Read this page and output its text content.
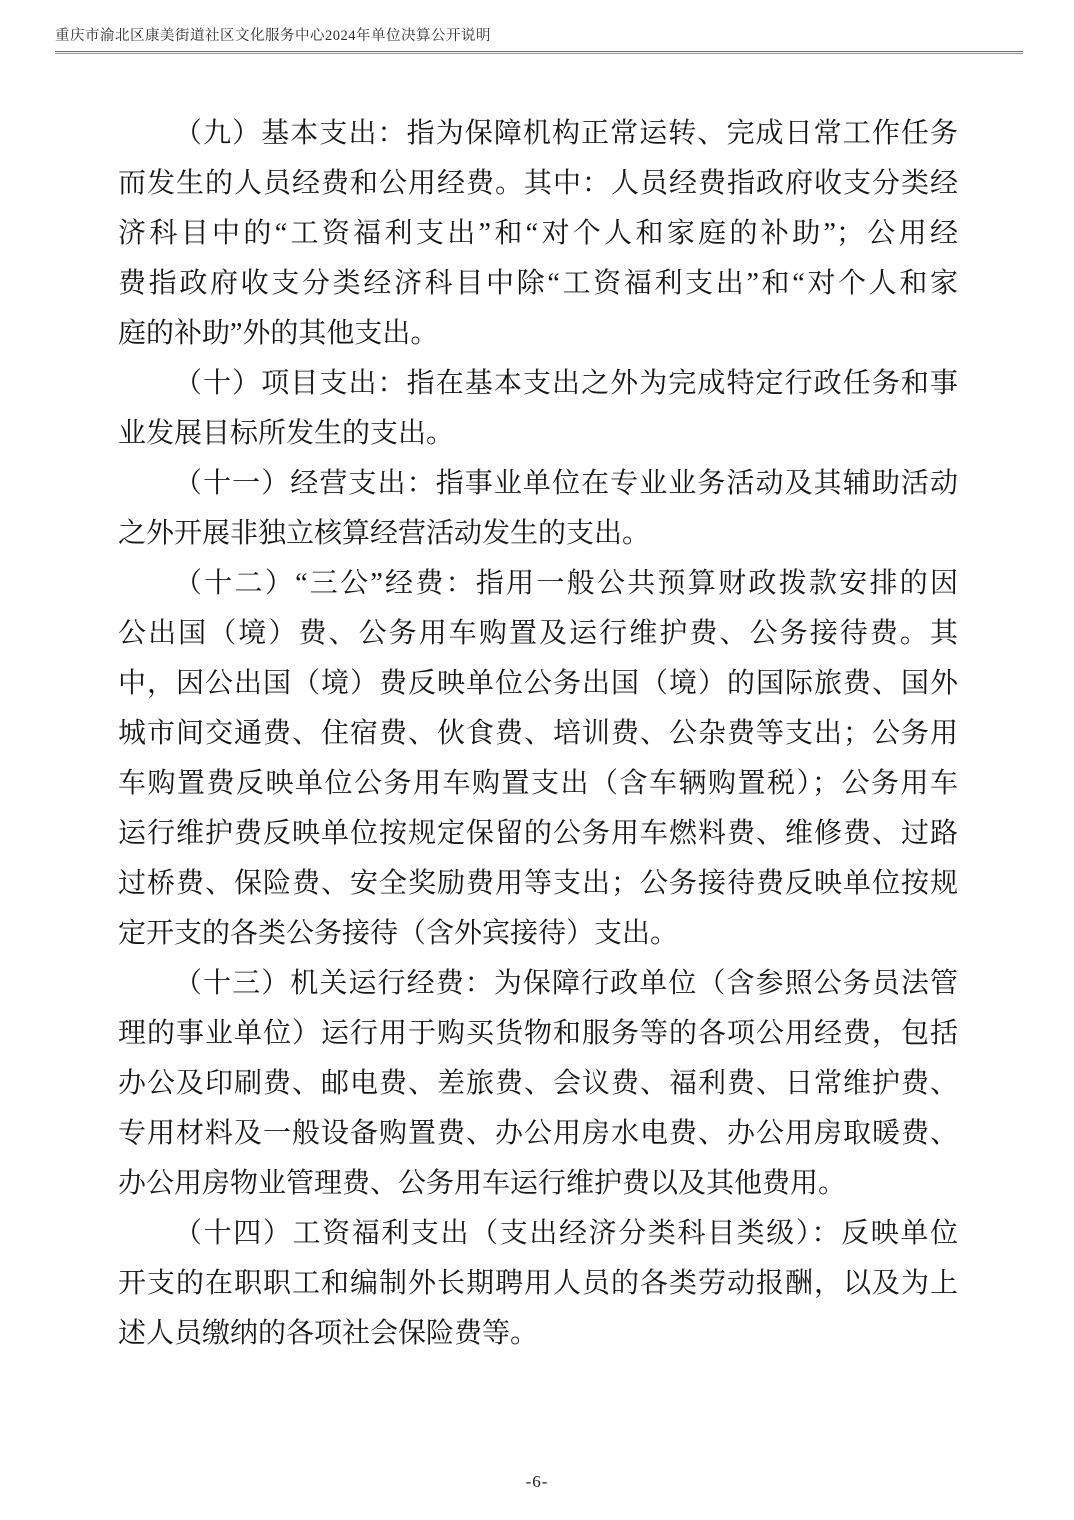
重庆市渝北区康美街道社区文化服务中心2024年单位决算公开说明
（九）基本支出：指为保障机构正常运转、完成日常工作任务
而发生的人员经费和公用经费。其中：人员经费指政府收支分类经
济科目中的“工资福利支出”和“对个人和家庭的补助”；公用经
费指政府收支分类经济科目中除“工资福利支出”和“对个人和家
庭的补助”外的其他支出。
（十）项目支出：指在基本支出之外为完成特定行政任务和事
业发展目标所发生的支出。
（十一）经营支出：指事业单位在专业业务活动及其辅助活动
之外开展非独立核算经营活动发生的支出。
（十二）“三公”经费：指用一般公共预算财政拨款安排的因
公出国（境）费、公务用车购置及运行维护费、公务接待费。其
中，因公出国（境）费反映单位公务出国（境）的国际旅费、国外
城市间交通费、住宿费、伙食费、培训费、公杂费等支出；公务用
车购置费反映单位公务用车购置支出（含车辆购置税）；公务用车
运行维护费反映单位按规定保留的公务用车燃料费、维修费、过路
过桥费、保险费、安全奖励费用等支出；公务接待费反映单位按规
定开支的各类公务接待（含外宾接待）支出。
（十三）机关运行经费：为保障行政单位（含参照公务员法管
理的事业单位）运行用于购买货物和服务等的各项公用经费，包括
办公及印刷费、邮电费、差旅费、会议费、福利费、日常维护费、
专用材料及一般设备购置费、办公用房水电费、办公用房取暖费、
办公用房物业管理费、公务用车运行维护费以及其他费用。
（十四）工资福利支出（支出经济分类科目类级）：反映单位
开支的在职职工和编制外长期聘用人员的各类劳动报酬，以及为上
述人员缴纳的各项社会保险费等。
-6-
